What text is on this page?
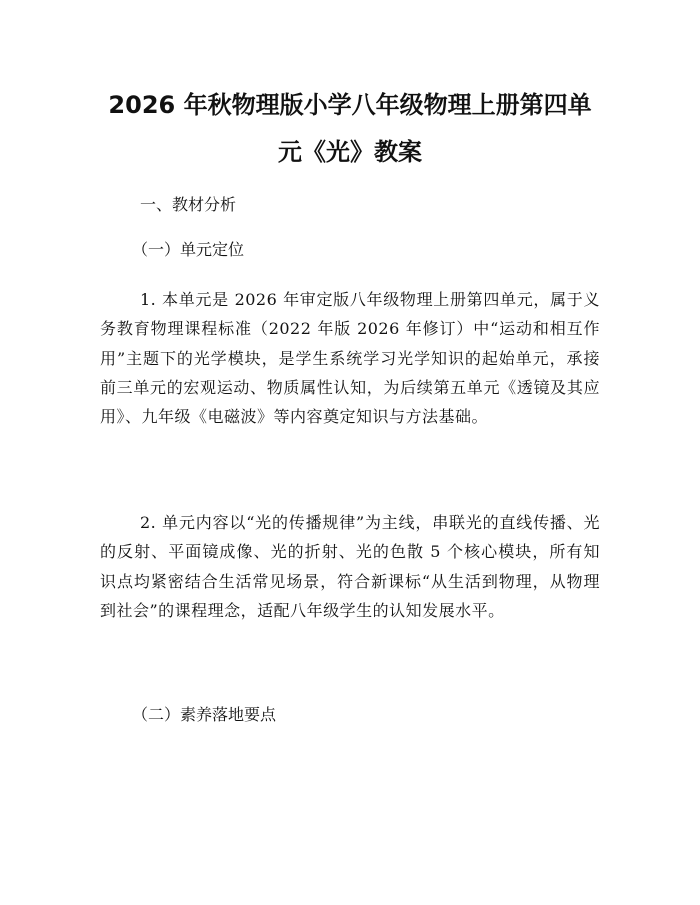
2026 年秋物理版小学八年级物理上册第四单
元《光》教案

一、教材分析

（一）单元定位

1. 本单元是 2026 年审定版八年级物理上册第四单元，属于义务教育物理课程标准（2022 年版 2026 年修订）中“运动和相互作用”主题下的光学模块，是学生系统学习光学知识的起始单元，承接前三单元的宏观运动、物质属性认知，为后续第五单元《透镜及其应用》、九年级《电磁波》等内容奠定知识与方法基础。

2. 单元内容以“光的传播规律”为主线，串联光的直线传播、光的反射、平面镜成像、光的折射、光的色散 5 个核心模块，所有知识点均紧密结合生活常见场景，符合新课标“从生活到物理，从物理到社会”的课程理念，适配八年级学生的认知发展水平。

（二）素养落地要点
